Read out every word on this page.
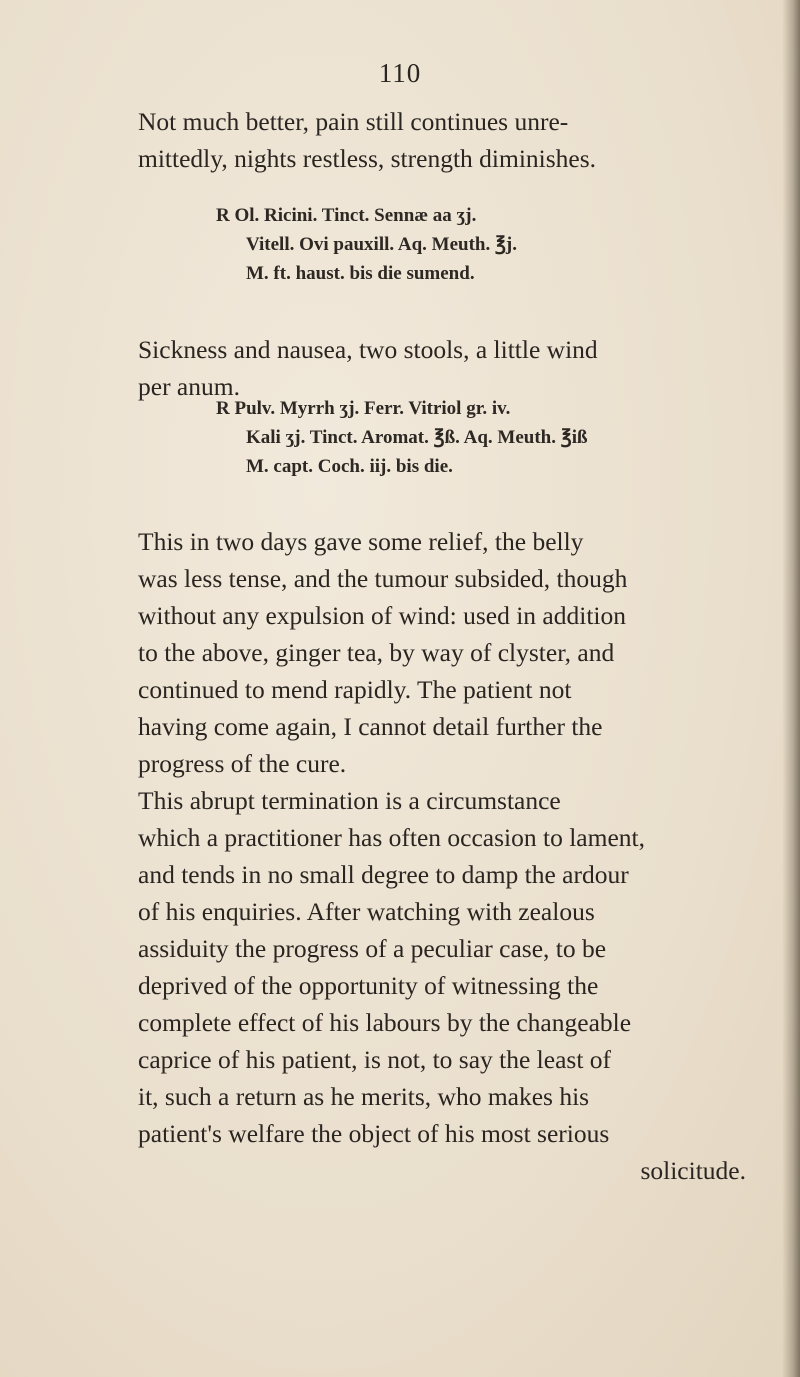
110

Not much better, pain still continues unre-
mittedly, nights restless, strength diminishes.

R Ol. Ricini. Tinct. Sennæ aa ʒj.
Vitell. Ovi pauxill. Aq. Meuth. ℥j.
M. ft. haust. bis die sumend.

Sickness and nausea, two stools, a little wind
per anum.

R Pulv. Myrrh ʒj. Ferr. Vitriol gr. iv.
Kali ʒj. Tinct. Aromat. ℥ß. Aq. Meuth. ℥iß
M. capt. Coch. iij. bis die.

This in two days gave some relief, the belly
was less tense, and the tumour subsided, though
without any expulsion of wind: used in addition
to the above, ginger tea, by way of clyster, and
continued to mend rapidly. The patient not
having come again, I cannot detail further the
progress of the cure.

This abrupt termination is a circumstance
which a practitioner has often occasion to lament,
and tends in no small degree to damp the ardour
of his enquiries. After watching with zealous
assiduity the progress of a peculiar case, to be
deprived of the opportunity of witnessing the
complete effect of his labours by the changeable
caprice of his patient, is not, to say the least of
it, such a return as he merits, who makes his
patient's welfare the object of his most serious
solicitude.
